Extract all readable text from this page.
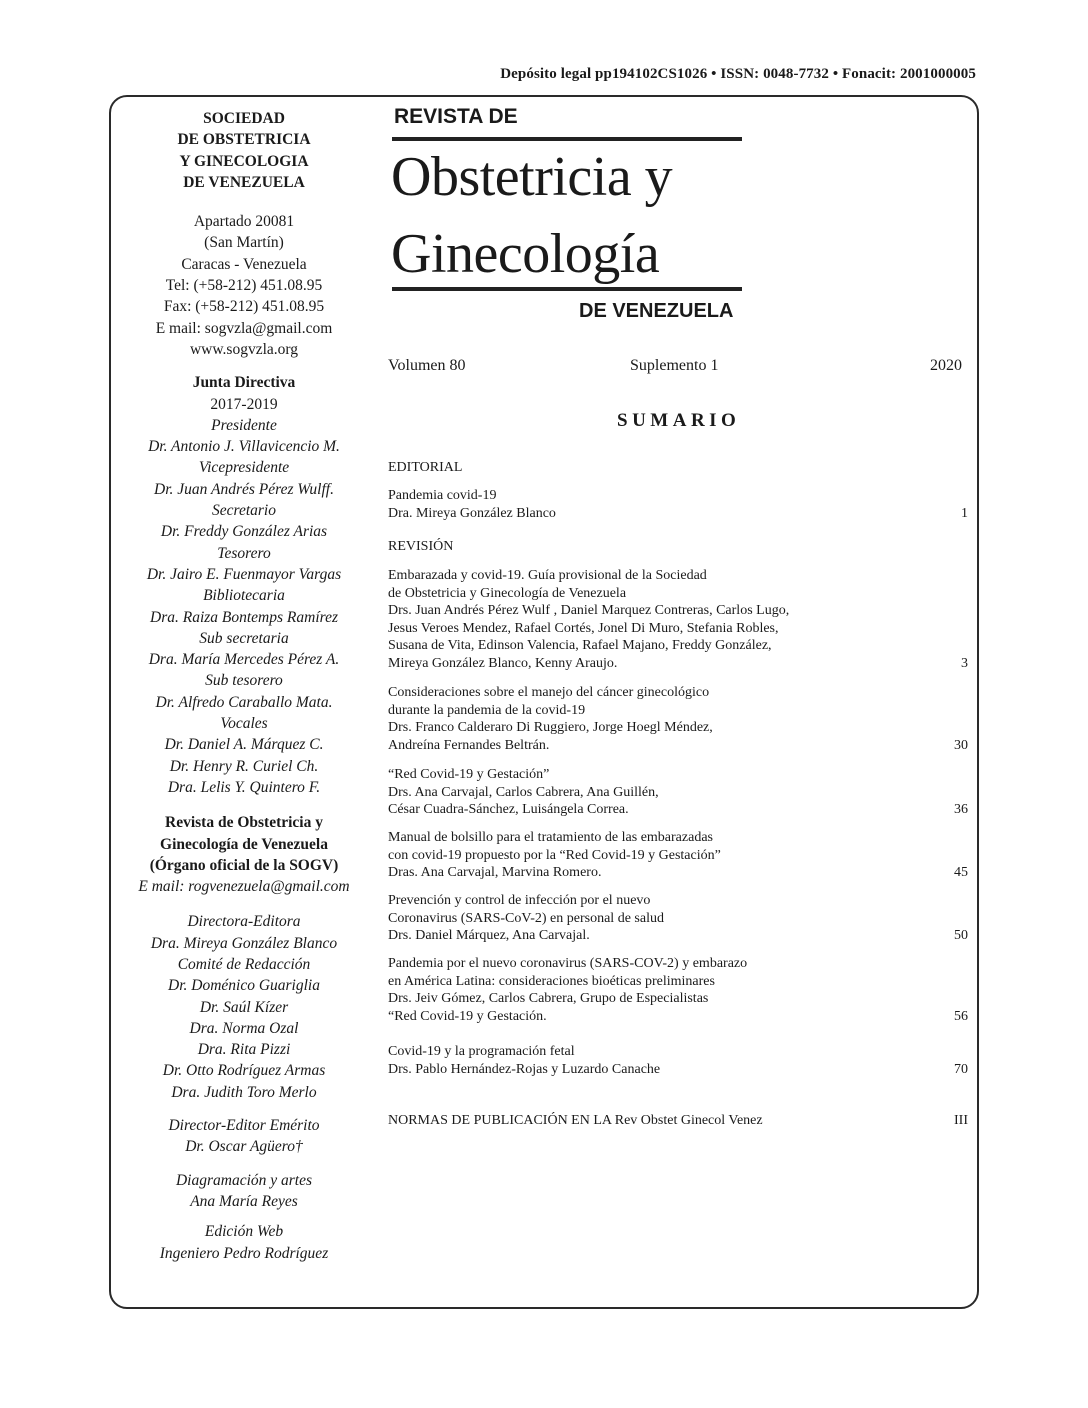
Depósito legal pp194102CS1026 • ISSN: 0048-7732 • Fonacit: 2001000005
SOCIEDAD
DE OBSTETRICIA
Y GINECOLOGIA
DE VENEZUELA
Apartado 20081
(San Martín)
Caracas - Venezuela
Tel: (+58-212) 451.08.95
Fax: (+58-212) 451.08.95
E mail: sogvzla@gmail.com
www.sogvzla.org
Junta Directiva
2017-2019
Presidente
Dr. Antonio J. Villavicencio M.
Vicepresidente
Dr. Juan Andrés Pérez Wulff.
Secretario
Dr. Freddy González Arias
Tesorero
Dr. Jairo E. Fuenmayor Vargas
Bibliotecaria
Dra. Raiza Bontemps Ramírez
Sub secretaria
Dra. María Mercedes Pérez A.
Sub tesorero
Dr. Alfredo Caraballo Mata.
Vocales
Dr. Daniel A. Márquez C.
Dr. Henry R. Curiel Ch.
Dra. Lelis Y. Quintero F.
Revista de Obstetricia y
Ginecología de Venezuela
(Órgano oficial de la SOGV)
E mail: rogvenezuela@gmail.com
Directora-Editora
Dra. Mireya González Blanco
Comité de Redacción
Dr. Doménico Guariglia
Dr. Saúl Kízer
Dra. Norma Ozal
Dra. Rita Pizzi
Dr. Otto Rodríguez Armas
Dra. Judith Toro Merlo
Director-Editor Emérito
Dr. Oscar Agüero†
Diagramación y artes
Ana María Reyes
Edición Web
Ingeniero Pedro Rodríguez
REVISTA DE
Obstetricia y
Ginecología
DE VENEZUELA
Volumen 80	Suplemento 1	2020
SUMARIO
EDITORIAL
Pandemia covid-19
Dra. Mireya González Blanco	1
REVISIÓN
Embarazada y covid-19. Guía provisional de la Sociedad
de Obstetricia y Ginecología de Venezuela
Drs. Juan Andrés Pérez Wulf , Daniel Marquez Contreras, Carlos Lugo,
Jesus Veroes Mendez, Rafael Cortés, Jonel Di Muro, Stefania Robles,
Susana de Vita, Edinson Valencia, Rafael Majano, Freddy González,
Mireya González Blanco, Kenny Araujo.	3
Consideraciones sobre el manejo del cáncer ginecológico
durante la pandemia de la covid-19
Drs. Franco Calderaro Di Ruggiero, Jorge Hoegl Méndez,
Andreína Fernandes Beltrán.	30
“Red Covid-19 y Gestación”
Drs. Ana Carvajal, Carlos Cabrera, Ana Guillén,
César Cuadra-Sánchez, Luisángela Correa.	36
Manual de bolsillo para el tratamiento de las embarazadas
con covid-19 propuesto por la “Red Covid-19 y Gestación”
Dras. Ana Carvajal, Marvina Romero.	45
Prevención y control de infección por el nuevo
Coronavirus (SARS-CoV-2) en personal de salud
Drs. Daniel Márquez, Ana Carvajal.	50
Pandemia por el nuevo coronavirus (SARS-COV-2) y embarazo
en América Latina: consideraciones bioéticas preliminares
Drs. Jeiv Gómez, Carlos Cabrera, Grupo de Especialistas
“Red Covid-19 y Gestación.	56
Covid-19 y la programación fetal
Drs. Pablo Hernández-Rojas y Luzardo Canache	70
NORMAS DE PUBLICACIÓN EN LA Rev Obstet Ginecol Venez	III
